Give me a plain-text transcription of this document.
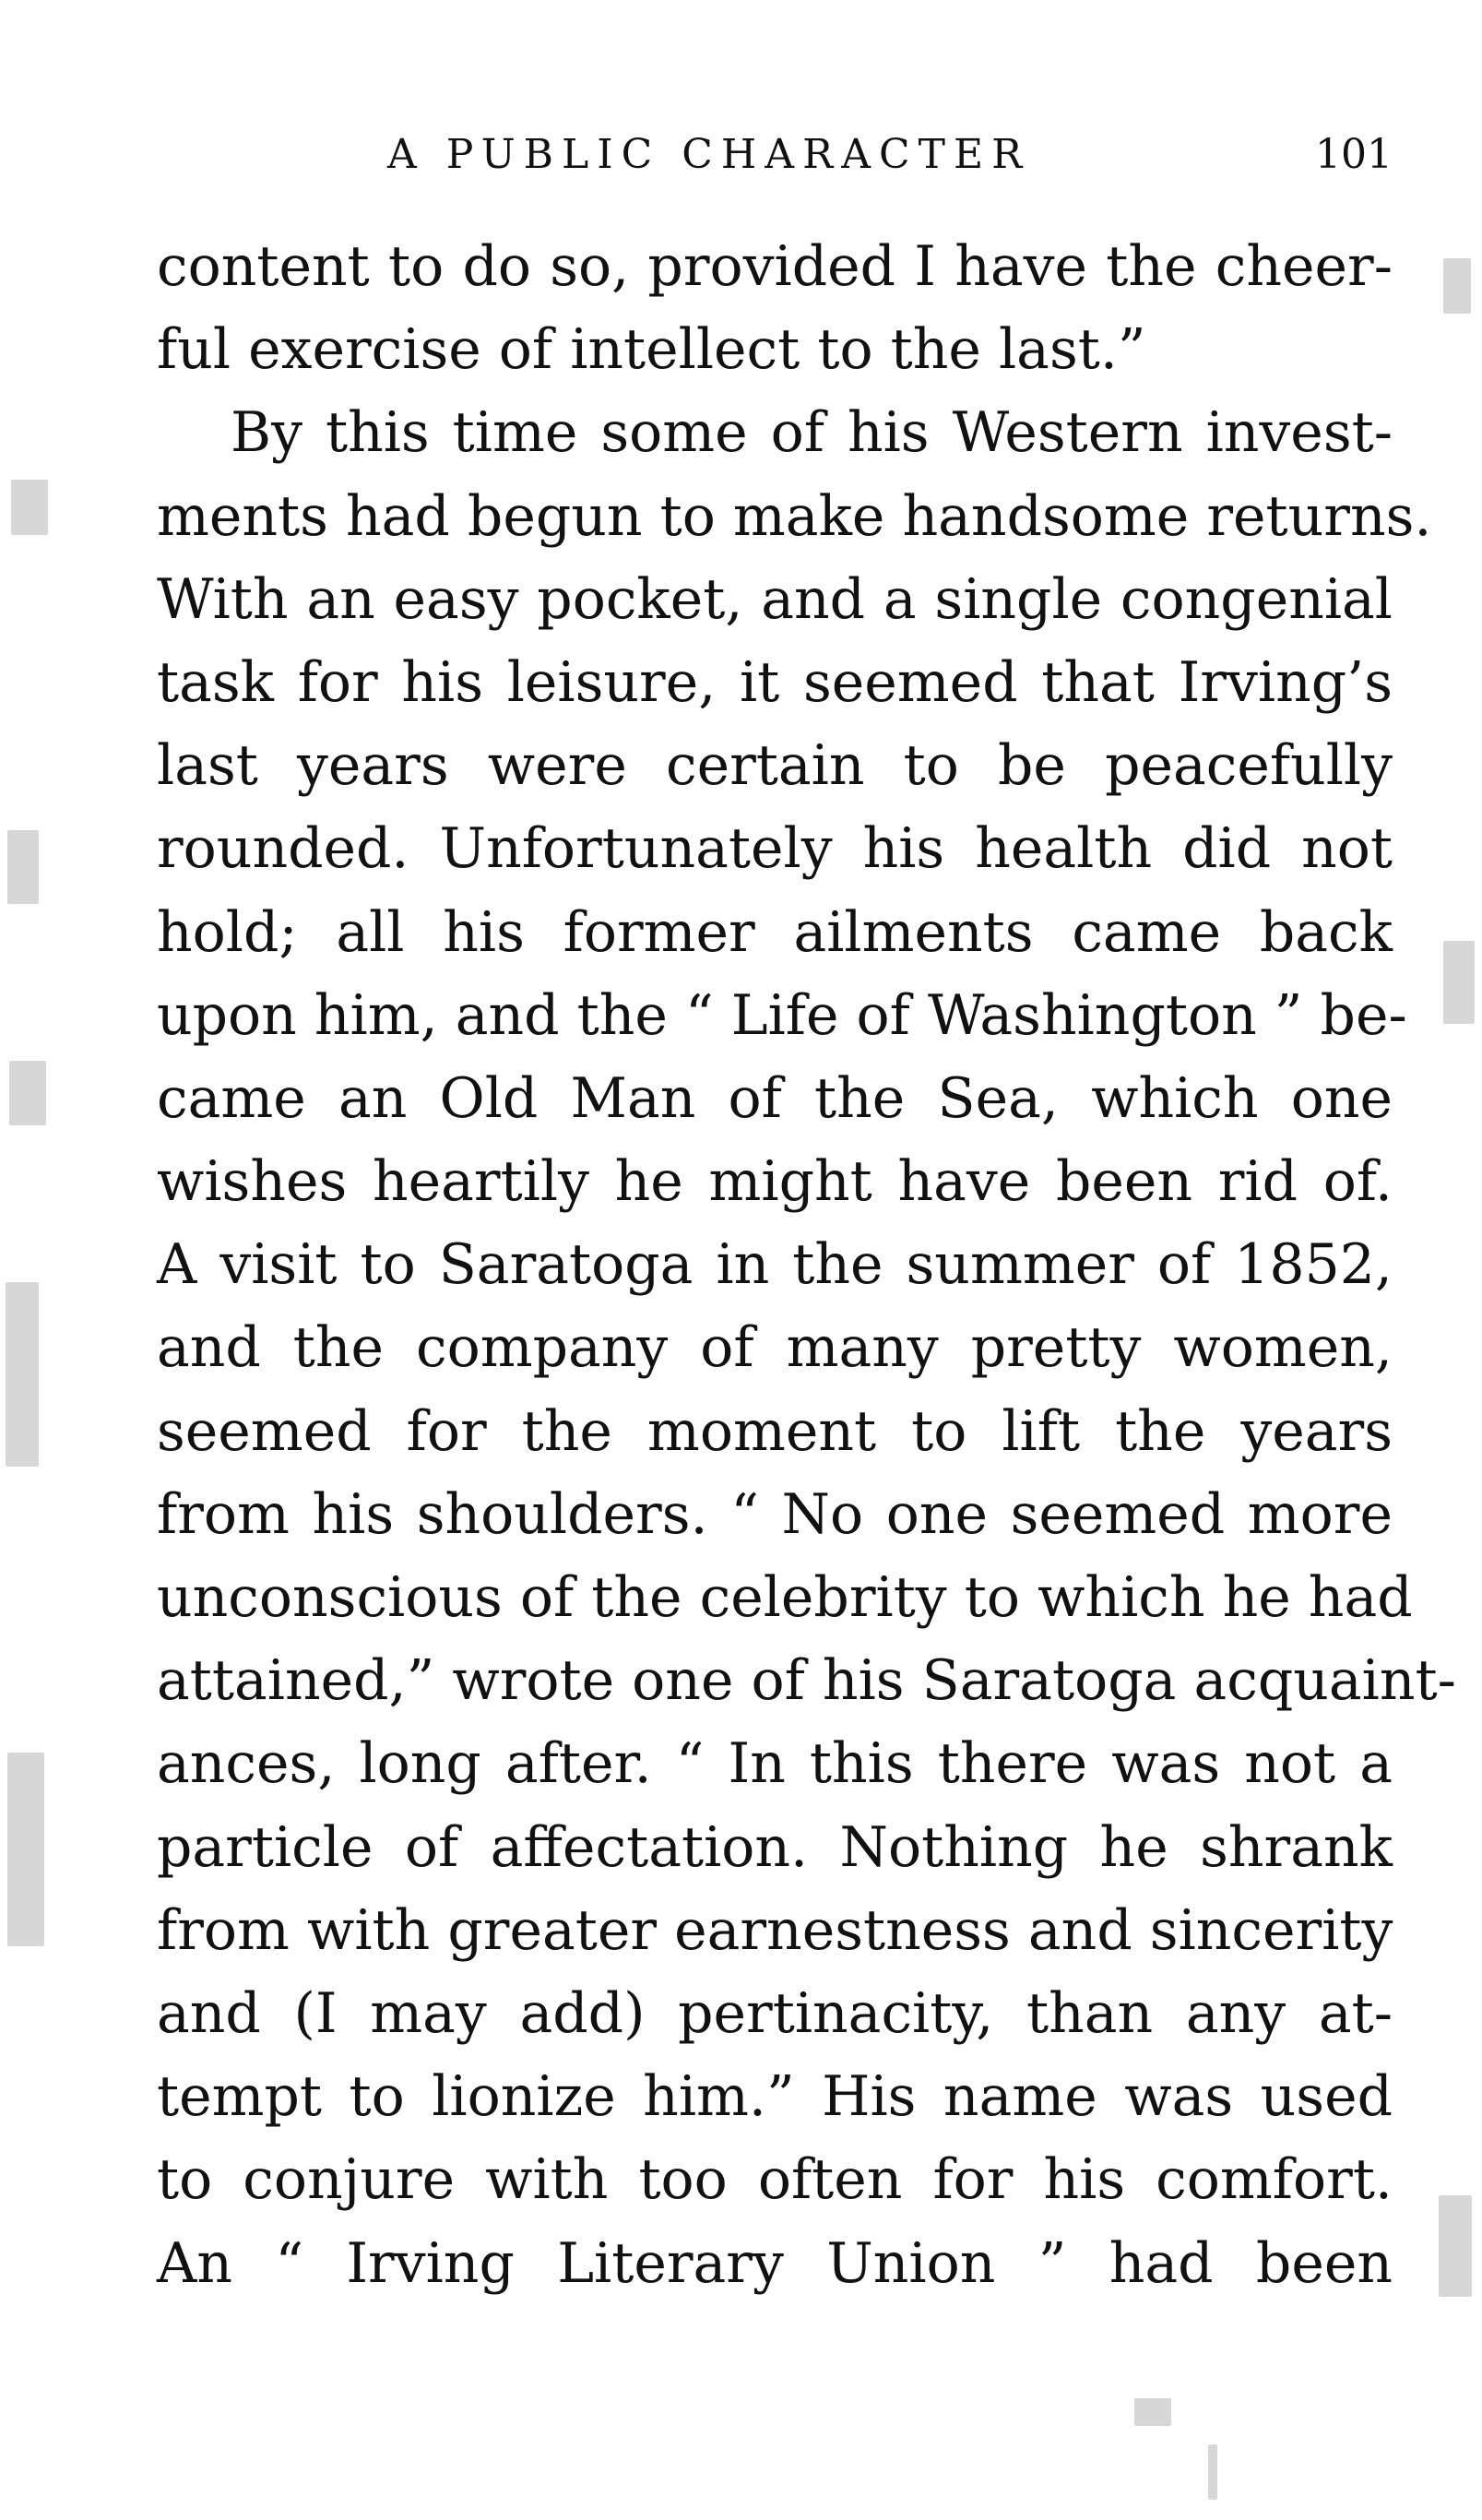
A PUBLIC CHARACTER	101
content to do so, provided I have the cheer-
ful exercise of intellect to the last.”
By this time some of his Western invest-
ments had begun to make handsome returns.
With an easy pocket, and a single congenial
task for his leisure, it seemed that Irving’s
last years were certain to be peacefully
rounded. Unfortunately his health did not
hold; all his former ailments came back
upon him, and the “ Life of Washington ” be-
came an Old Man of the Sea, which one
wishes heartily he might have been rid of.
A visit to Saratoga in the summer of 1852,
and the company of many pretty women,
seemed for the moment to lift the years
from his shoulders. “ No one seemed more
unconscious of the celebrity to which he had
attained,” wrote one of his Saratoga acquaint-
ances, long after. “ In this there was not a
particle of affectation. Nothing he shrank
from with greater earnestness and sincerity
and (I may add) pertinacity, than any at-
tempt to lionize him.” His name was used
to conjure with too often for his comfort.
An “ Irving Literary Union ” had been
